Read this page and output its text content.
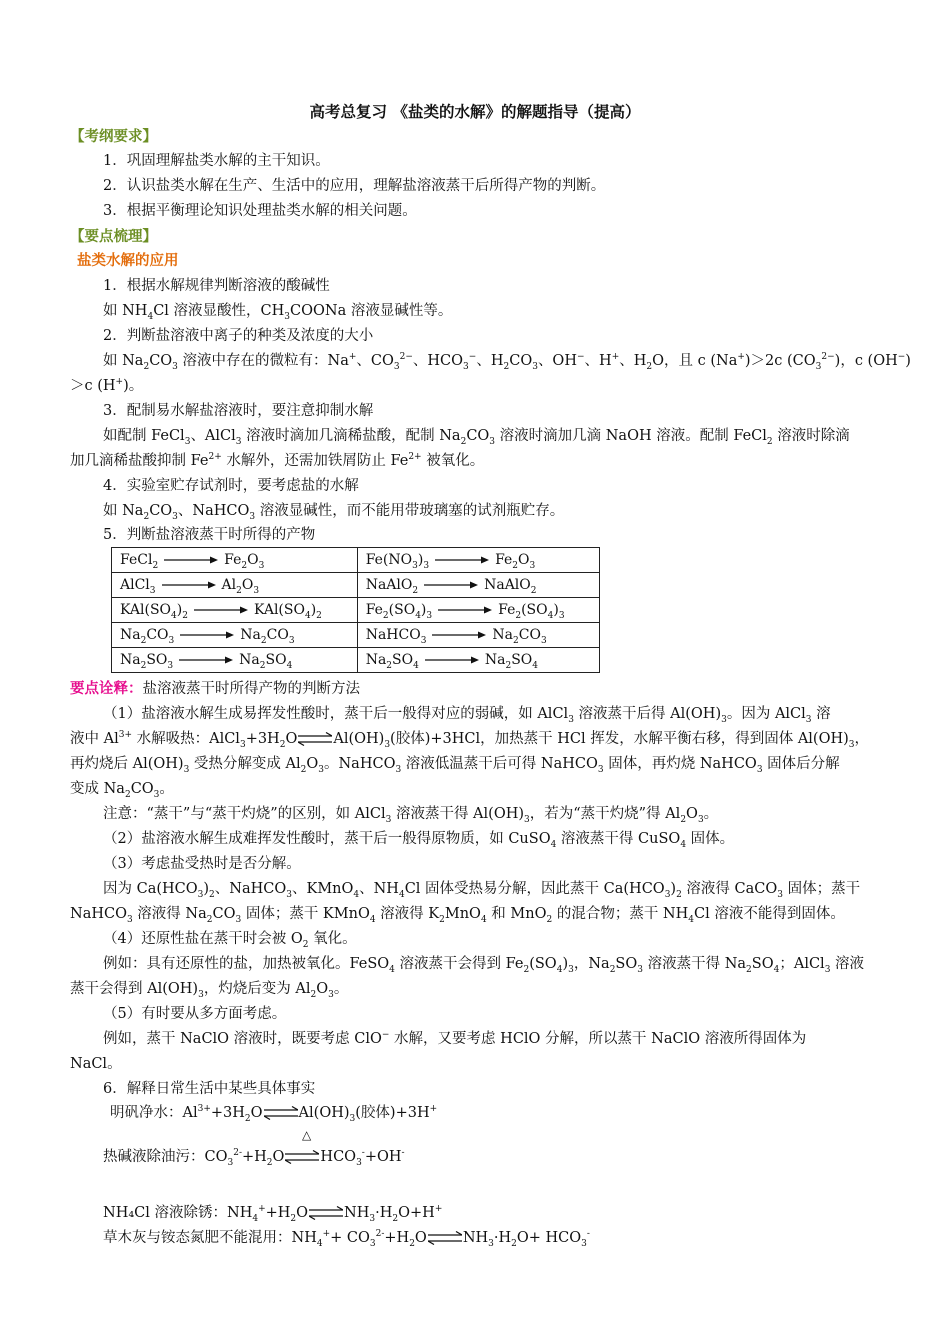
高考总复习 《盐类的水解》的解题指导（提高）
【考纲要求】
1．巩固理解盐类水解的主干知识。
2．认识盐类水解在生产、生活中的应用，理解盐溶液蒸干后所得产物的判断。
3．根据平衡理论知识处理盐类水解的相关问题。
【要点梳理】
盐类水解的应用
1．根据水解规律判断溶液的酸碱性
如 $NH_4Cl$ 溶液显酸性，$CH_3COONa$ 溶液显碱性等。
2．判断盐溶液中离子的种类及浓度的大小
如 $Na_2CO_3$ 溶液中存在的微粒有：Na+、$CO_3^{2-}$、$HCO_3^-$、$H_2CO_3$、OH−、H+、$H_2O$，且 c (Na+)＞2c $(CO_3^{2-})$，c (OH−)
＞c (H+)。
3．配制易水解盐溶液时，要注意抑制水解
如配制 FeCl$_3$、AlCl$_3$ 溶液时滴加几滴稀盐酸，配制 $Na_2CO_3$ 溶液时滴加几滴 NaOH 溶液。配制 FeCl$_2$ 溶液时除滴
加几滴稀盐酸抑制 $Fe^{2+}$ 水解外，还需加铁屑防止 $Fe^{2+}$ 被氧化。
4．实验室贮存试剂时，要考虑盐的水解
如 $Na_2CO_3$、NaHCO$_3$ 溶液显碱性，而不能用带玻璃塞的试剂瓶贮存。
5．判断盐溶液蒸干时所得的产物
FeCl$_2$ $Fe_2O_3$	$Fe(NO_3)_3$ $Fe_2O_3$
AlCl$_3$ $Al_2O_3$	NaAlO$_2$ NaAlO$_2$
$KAl(SO_4)_2$ $KAl(SO_4)_2$	$Fe_2(SO_4)_3$ $Fe_2(SO_4)_3$
$Na_2CO_3$ $Na_2CO_3$	NaHCO$_3$ $Na_2CO_3$
$Na_2SO_3$ $Na_2SO_4$	$Na_2SO_4$ $Na_2SO_4$
要点诠释：盐溶液蒸干时所得产物的判断方法
（1）盐溶液水解生成易挥发性酸时，蒸干后一般得对应的弱碱，如 AlCl$_3$ 溶液蒸干后得 $Al(OH)_3$。因为 AlCl$_3$ 溶
液中 $Al^{3+}$ 水解吸热：$AlCl_3+3H_2O\rightleftharpoons Al(OH)_3$(胶体)+3HCl，加热蒸干 HCl 挥发，水解平衡右移，得到固体 $Al(OH)_3$，
再灼烧后 $Al(OH)_3$ 受热分解变成 $Al_2O_3$。NaHCO$_3$ 溶液低温蒸干后可得 NaHCO$_3$ 固体，再灼烧 NaHCO$_3$ 固体后分解
变成 $Na_2CO_3$。
注意：“蒸干”与“蒸干灼烧”的区别，如 AlCl$_3$ 溶液蒸干得 $Al(OH)_3$，若为“蒸干灼烧”得 $Al_2O_3$。
（2）盐溶液水解生成难挥发性酸时，蒸干后一般得原物质，如 CuSO$_4$ 溶液蒸干得 CuSO$_4$ 固体。
（3）考虑盐受热时是否分解。
因为 $Ca(HCO_3)_2$、NaHCO$_3$、KMnO$_4$、$NH_4Cl$ 固体受热易分解，因此蒸干 $Ca(HCO_3)_2$ 溶液得 CaCO$_3$ 固体；蒸干
NaHCO$_3$ 溶液得 $Na_2CO_3$ 固体；蒸干 KMnO$_4$ 溶液得 $K_2MnO_4$ 和 MnO$_2$ 的混合物；蒸干 $NH_4Cl$ 溶液不能得到固体。
（4）还原性盐在蒸干时会被 $O_2$ 氧化。
例如：具有还原性的盐，加热被氧化。FeSO$_4$ 溶液蒸干会得到 $Fe_2(SO_4)_3$，$Na_2SO_3$ 溶液蒸干得 $Na_2SO_4$；AlCl$_3$ 溶液
蒸干会得到 $Al(OH)_3$，灼烧后变为 $Al_2O_3$。
（5）有时要从多方面考虑。
例如，蒸干 NaClO 溶液时，既要考虑 ClO− 水解，又要考虑 HClO 分解，所以蒸干 NaClO 溶液所得固体为
NaCl。
6．解释日常生活中某些具体事实
明矾净水：$Al^{3+}+3H_2O\rightleftharpoons Al(OH)_3$(胶体)+3H+
△
热碱液除油污：$CO_3^{2-}+H_2O\rightleftharpoons HCO_3^-+OH^-$
NH₄Cl 溶液除锈：$NH_4^++H_2O\rightleftharpoons NH_3\cdot H_2O+H^+$
草木灰与铵态氮肥不能混用：$NH_4^++$ $CO_3^{2-}+H_2O\rightleftharpoons NH_3\cdot H_2O+ HCO_3^-$
